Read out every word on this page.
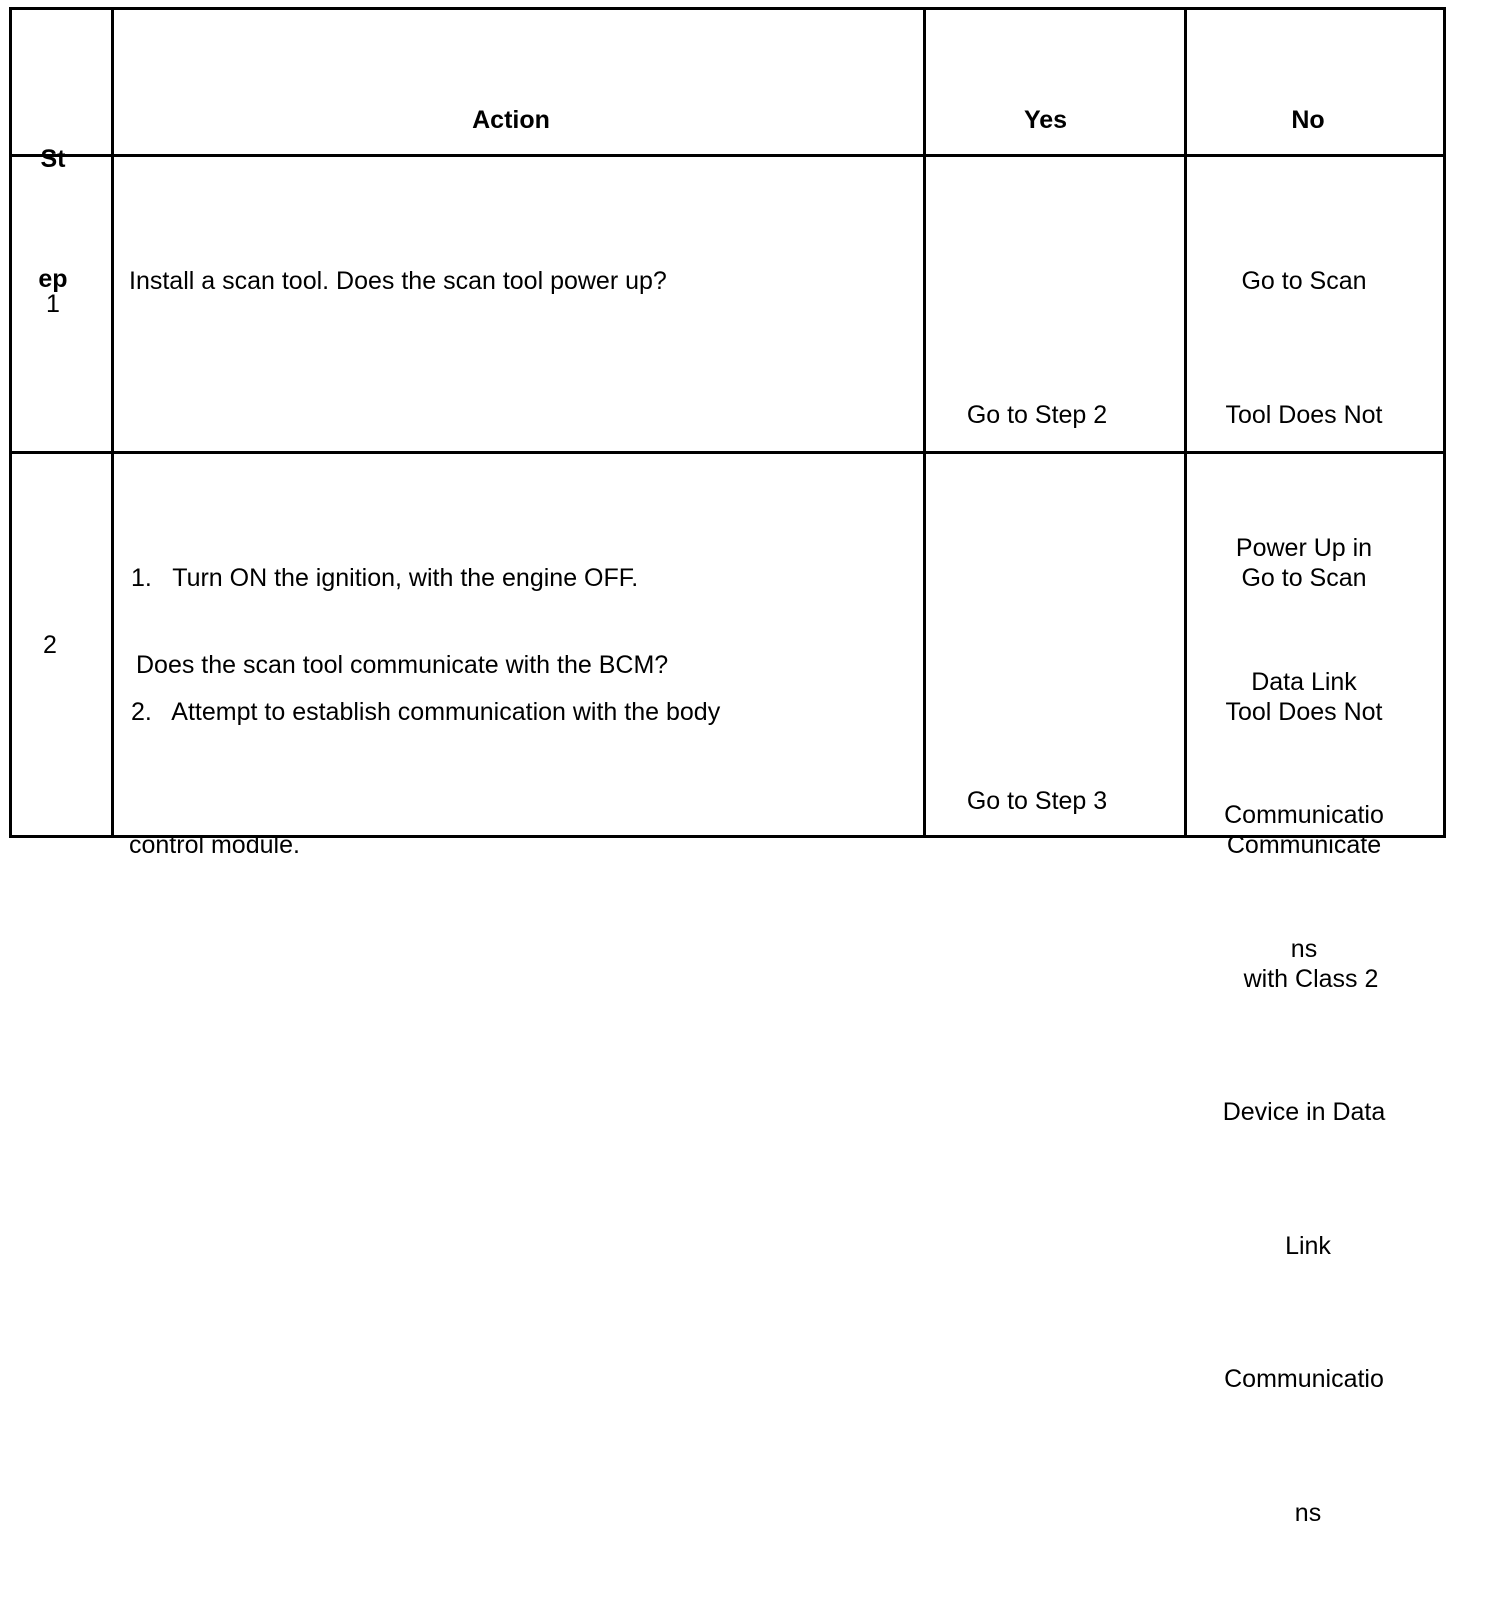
St

ep

Action	Yes	No
1

Install a scan tool. Does the scan tool power up?

Go to Step 2

Go to Scan

Tool Does Not

Power Up in

Data Link

Communicatio

ns

2

1.   Turn ON the ignition, with the engine OFF.

2.   Attempt to establish communication with the body

control module.

Does the scan tool communicate with the BCM?
Go to Step 3

Go to Scan

Tool Does Not

Communicate

with Class 2

Device in Data

Link

Communicatio

ns
